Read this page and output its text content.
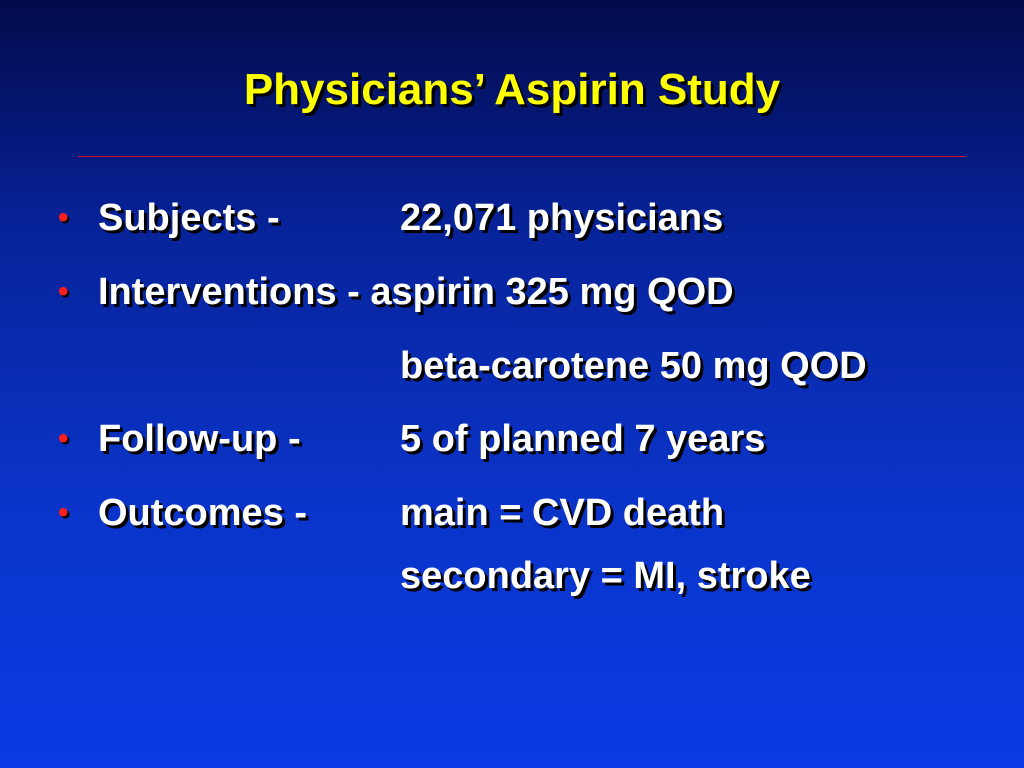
Physicians’ Aspirin Study
• Subjects -	22,071 physicians
• Interventions - aspirin 325 mg QOD
beta-carotene 50 mg QOD
• Follow-up -	5 of planned 7 years
• Outcomes - main = CVD death
secondary = MI, stroke
